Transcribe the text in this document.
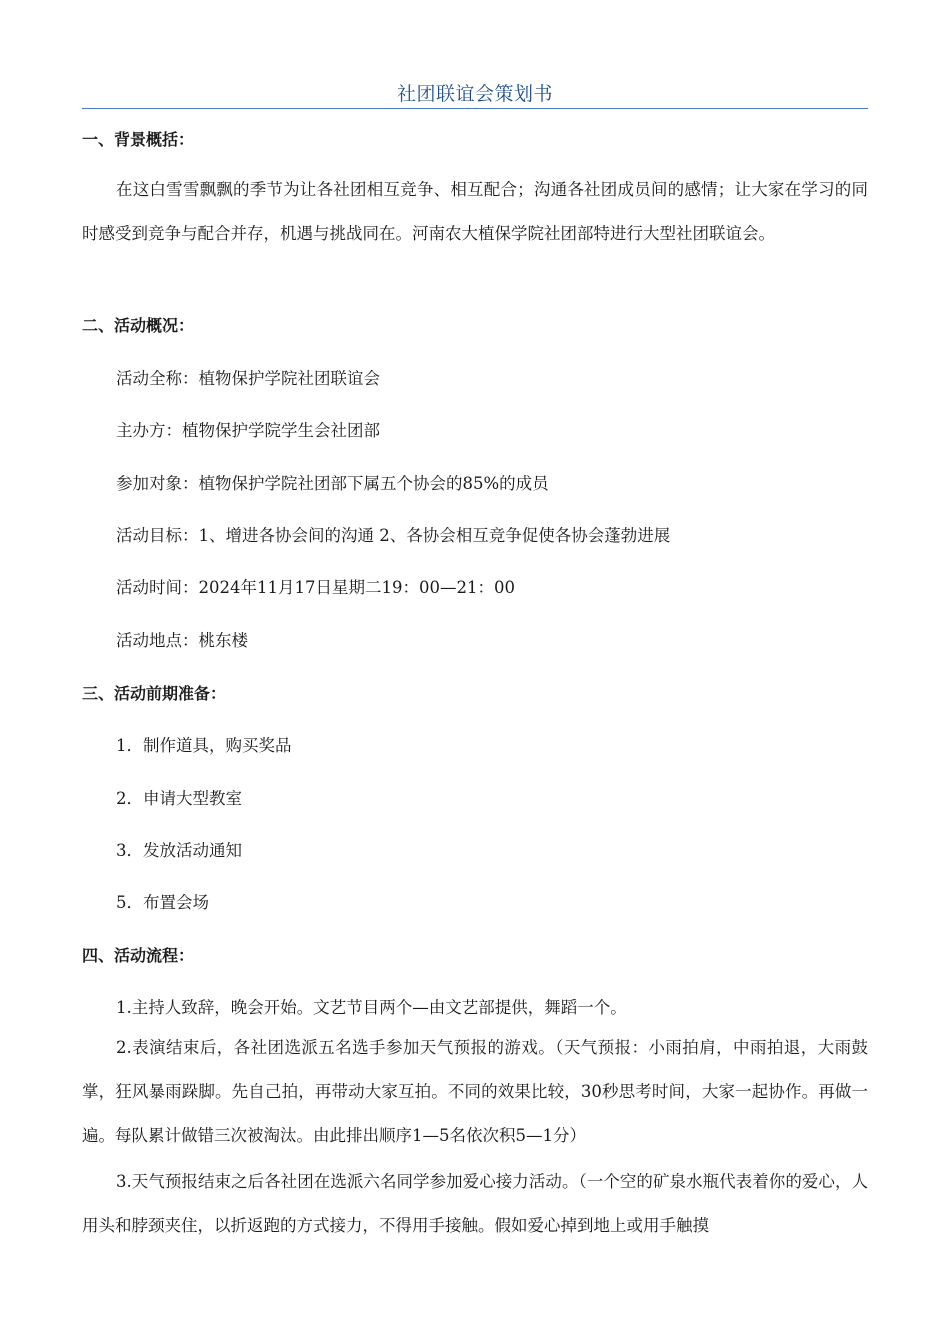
社团联谊会策划书
一、背景概括：

在这白雪雪飘飘的季节为让各社团相互竞争、相互配合；沟通各社团成员间的感情；让大家在学习的同时感受到竞争与配合并存，机遇与挑战同在。河南农大植保学院社团部特进行大型社团联谊会。

二、活动概况：
活动全称：植物保护学院社团联谊会
主办方：植物保护学院学生会社团部
参加对象：植物保护学院社团部下属五个协会的85%的成员
活动目标：1、增进各协会间的沟通 2、各协会相互竞争促使各协会蓬勃进展
活动时间：2024年11月17日星期二19：00—21：00
活动地点：桃东楼
三、活动前期准备：
1．制作道具，购买奖品
2．申请大型教室
3．发放活动通知
5．布置会场
四、活动流程：
1.主持人致辞，晚会开始。文艺节目两个—由文艺部提供，舞蹈一个。

2.表演结束后，各社团选派五名选手参加天气预报的游戏。（天气预报：小雨拍肩，中雨拍退，大雨鼓掌，狂风暴雨跺脚。先自己拍，再带动大家互拍。不同的效果比较，30秒思考时间，大家一起协作。再做一遍。每队累计做错三次被淘汰。由此排出顺序1—5名依次积5—1分）

3.天气预报结束之后各社团在选派六名同学参加爱心接力活动。（一个空的矿泉水瓶代表着你的爱心，人用头和脖颈夹住，以折返跑的方式接力，不得用手接触。假如爱心掉到地上或用手触摸
